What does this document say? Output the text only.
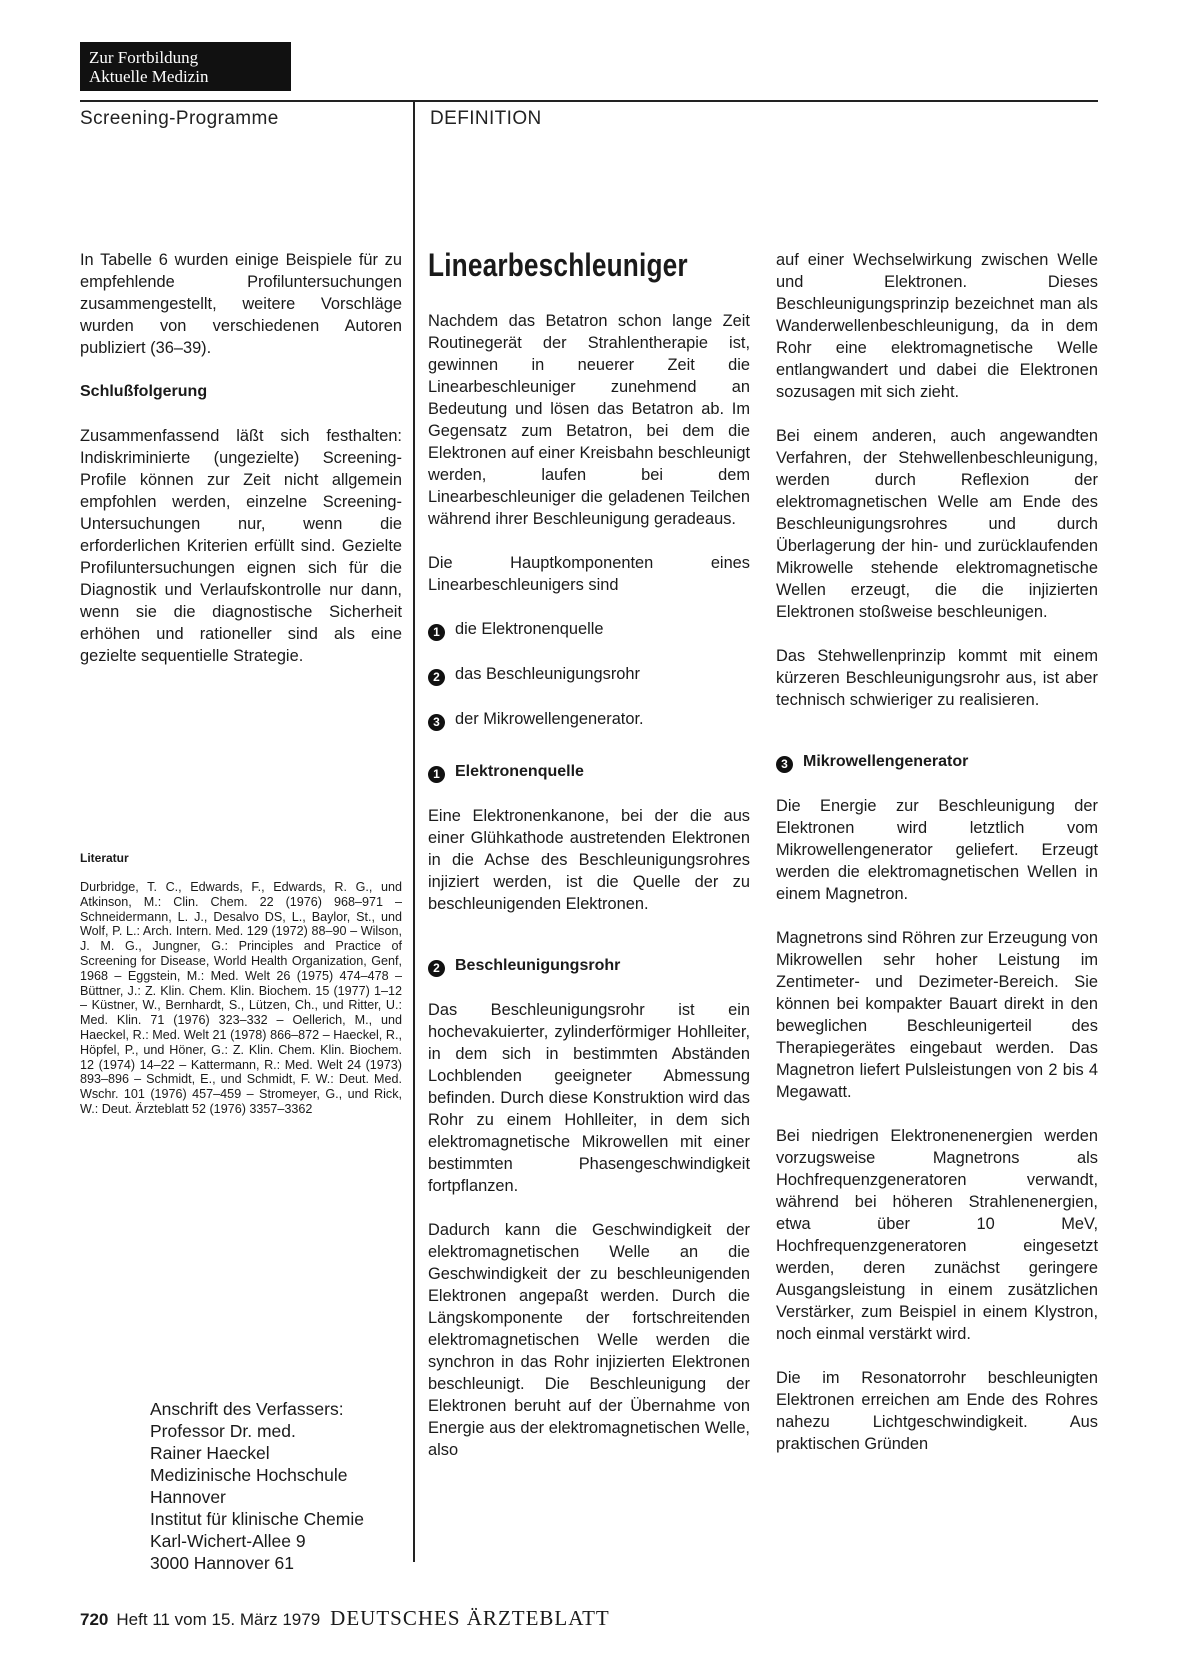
Zur Fortbildung
Aktuelle Medizin
Screening-Programme	DEFINITION

In Tabelle 6 wurden einige Beispiele für zu empfehlende Profiluntersuchungen zusammengestellt, weitere Vorschläge wurden von verschiedenen Autoren publiziert (36–39).

Schlußfolgerung

Zusammenfassend läßt sich festhalten: Indiskriminierte (ungezielte) Screening-Profile können zur Zeit nicht allgemein empfohlen werden, einzelne Screening-Untersuchungen nur, wenn die erforderlichen Kriterien erfüllt sind. Gezielte Profiluntersuchungen eignen sich für die Diagnostik und Verlaufskontrolle nur dann, wenn sie die diagnostische Sicherheit erhöhen und rationeller sind als eine gezielte sequentielle Strategie.

Literatur
Durbridge, T. C., Edwards, F., Edwards, R. G., und Atkinson, M.: Clin. Chem. 22 (1976) 968–971 – Schneidermann, L. J., Desalvo DS, L., Baylor, St., und Wolf, P. L.: Arch. Intern. Med. 129 (1972) 88–90 – Wilson, J. M. G., Jungner, G.: Principles and Practice of Screening for Disease, World Health Organization, Genf, 1968 – Eggstein, M.: Med. Welt 26 (1975) 474–478 – Büttner, J.: Z. Klin. Chem. Klin. Biochem. 15 (1977) 1–12 – Küstner, W., Bernhardt, S., Lützen, Ch., und Ritter, U.: Med. Klin. 71 (1976) 323–332 – Oellerich, M., und Haeckel, R.: Med. Welt 21 (1978) 866–872 – Haeckel, R., Höpfel, P., und Höner, G.: Z. Klin. Chem. Klin. Biochem. 12 (1974) 14–22 – Kattermann, R.: Med. Welt 24 (1973) 893–896 – Schmidt, E., und Schmidt, F. W.: Deut. Med. Wschr. 101 (1976) 457–459 – Stromeyer, G., und Rick, W.: Deut. Ärzteblatt 52 (1976) 3357–3362
Anschrift des Verfassers:
Professor Dr. med.
Rainer Haeckel
Medizinische Hochschule
Hannover
Institut für klinische Chemie
Karl-Wichert-Allee 9
3000 Hannover 61
Linearbeschleuniger

Nachdem das Betatron schon lange Zeit Routinegerät der Strahlentherapie ist, gewinnen in neuerer Zeit die Linearbeschleuniger zunehmend an Bedeutung und lösen das Betatron ab. Im Gegensatz zum Betatron, bei dem die Elektronen auf einer Kreisbahn beschleunigt werden, laufen bei dem Linearbeschleuniger die geladenen Teilchen während ihrer Beschleunigung geradeaus.

Die Hauptkomponenten eines Linearbeschleunigers sind

1 die Elektronenquelle
2 das Beschleunigungsrohr
3 der Mikrowellengenerator.
1 Elektronenquelle

Eine Elektronenkanone, bei der die aus einer Glühkathode austretenden Elektronen in die Achse des Beschleunigungsrohres injiziert werden, ist die Quelle der zu beschleunigenden Elektronen.

2 Beschleunigungsrohr

Das Beschleunigungsrohr ist ein hochevakuierter, zylinderförmiger Hohlleiter, in dem sich in bestimmten Abständen Lochblenden geeigneter Abmessung befinden. Durch diese Konstruktion wird das Rohr zu einem Hohlleiter, in dem sich elektromagnetische Mikrowellen mit einer bestimmten Phasengeschwindigkeit fortpflanzen.

Dadurch kann die Geschwindigkeit der elektromagnetischen Welle an die Geschwindigkeit der zu beschleunigenden Elektronen angepaßt werden. Durch die Längskomponente der fortschreitenden elektromagnetischen Welle werden die synchron in das Rohr injizierten Elektronen beschleunigt. Die Beschleunigung der Elektronen beruht auf der Übernahme von Energie aus der elektromagnetischen Welle, also

auf einer Wechselwirkung zwischen Welle und Elektronen. Dieses Beschleunigungsprinzip bezeichnet man als Wanderwellenbeschleunigung, da in dem Rohr eine elektromagnetische Welle entlangwandert und dabei die Elektronen sozusagen mit sich zieht.

Bei einem anderen, auch angewandten Verfahren, der Stehwellenbeschleunigung, werden durch Reflexion der elektromagnetischen Welle am Ende des Beschleunigungsrohres und durch Überlagerung der hin- und zurücklaufenden Mikrowelle stehende elektromagnetische Wellen erzeugt, die die injizierten Elektronen stoßweise beschleunigen.

Das Stehwellenprinzip kommt mit einem kürzeren Beschleunigungsrohr aus, ist aber technisch schwieriger zu realisieren.

3 Mikrowellengenerator

Die Energie zur Beschleunigung der Elektronen wird letztlich vom Mikrowellengenerator geliefert. Erzeugt werden die elektromagnetischen Wellen in einem Magnetron.

Magnetrons sind Röhren zur Erzeugung von Mikrowellen sehr hoher Leistung im Zentimeter- und Dezimeter-Bereich. Sie können bei kompakter Bauart direkt in den beweglichen Beschleunigerteil des Therapiegerätes eingebaut werden. Das Magnetron liefert Pulsleistungen von 2 bis 4 Megawatt.

Bei niedrigen Elektronenenergien werden vorzugsweise Magnetrons als Hochfrequenzgeneratoren verwandt, während bei höheren Strahlenenergien, etwa über 10 MeV, Hochfrequenzgeneratoren eingesetzt werden, deren zunächst geringere Ausgangsleistung in einem zusätzlichen Verstärker, zum Beispiel in einem Klystron, noch einmal verstärkt wird.

Die im Resonatorrohr beschleunigten Elektronen erreichen am Ende des Rohres nahezu Lichtgeschwindigkeit. Aus praktischen Gründen

720 Heft 11 vom 15. März 1979 DEUTSCHES ÄRZTEBLATT
